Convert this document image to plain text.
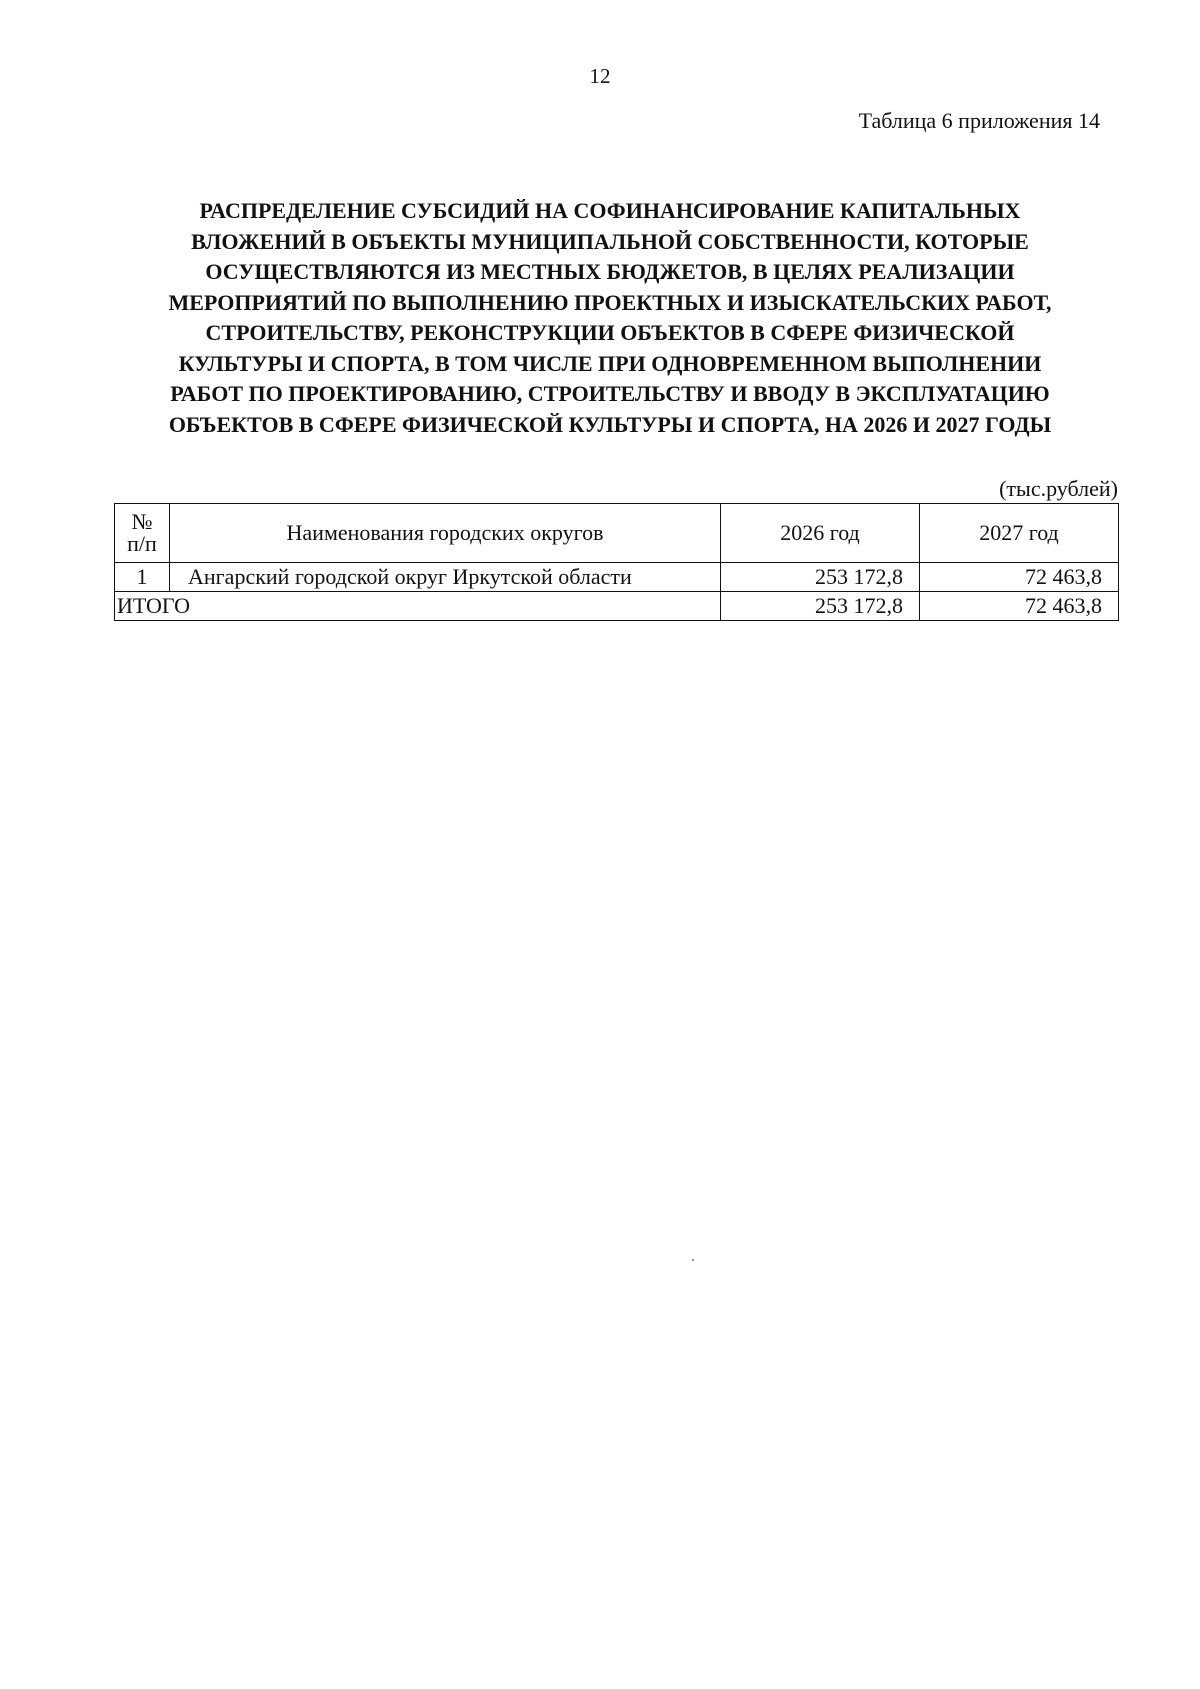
12
Таблица 6 приложения 14
РАСПРЕДЕЛЕНИЕ СУБСИДИЙ НА СОФИНАНСИРОВАНИЕ КАПИТАЛЬНЫХ
ВЛОЖЕНИЙ В ОБЪЕКТЫ МУНИЦИПАЛЬНОЙ СОБСТВЕННОСТИ, КОТОРЫЕ
ОСУЩЕСТВЛЯЮТСЯ ИЗ МЕСТНЫХ БЮДЖЕТОВ, В ЦЕЛЯХ РЕАЛИЗАЦИИ
МЕРОПРИЯТИЙ ПО ВЫПОЛНЕНИЮ ПРОЕКТНЫХ И ИЗЫСКАТЕЛЬСКИХ РАБОТ,
СТРОИТЕЛЬСТВУ, РЕКОНСТРУКЦИИ ОБЪЕКТОВ В СФЕРЕ ФИЗИЧЕСКОЙ
КУЛЬТУРЫ И СПОРТА, В ТОМ ЧИСЛЕ ПРИ ОДНОВРЕМЕННОМ ВЫПОЛНЕНИИ
РАБОТ ПО ПРОЕКТИРОВАНИЮ, СТРОИТЕЛЬСТВУ И ВВОДУ В ЭКСПЛУАТАЦИЮ
ОБЪЕКТОВ В СФЕРЕ ФИЗИЧЕСКОЙ КУЛЬТУРЫ И СПОРТА, НА 2026 И 2027 ГОДЫ
(тыс.рублей)
№
п/п	Наименования городских округов	2026 год	2027 год
1	Ангарский городской округ Иркутской области	253 172,8	72 463,8
ИТОГО		253 172,8	72 463,8
